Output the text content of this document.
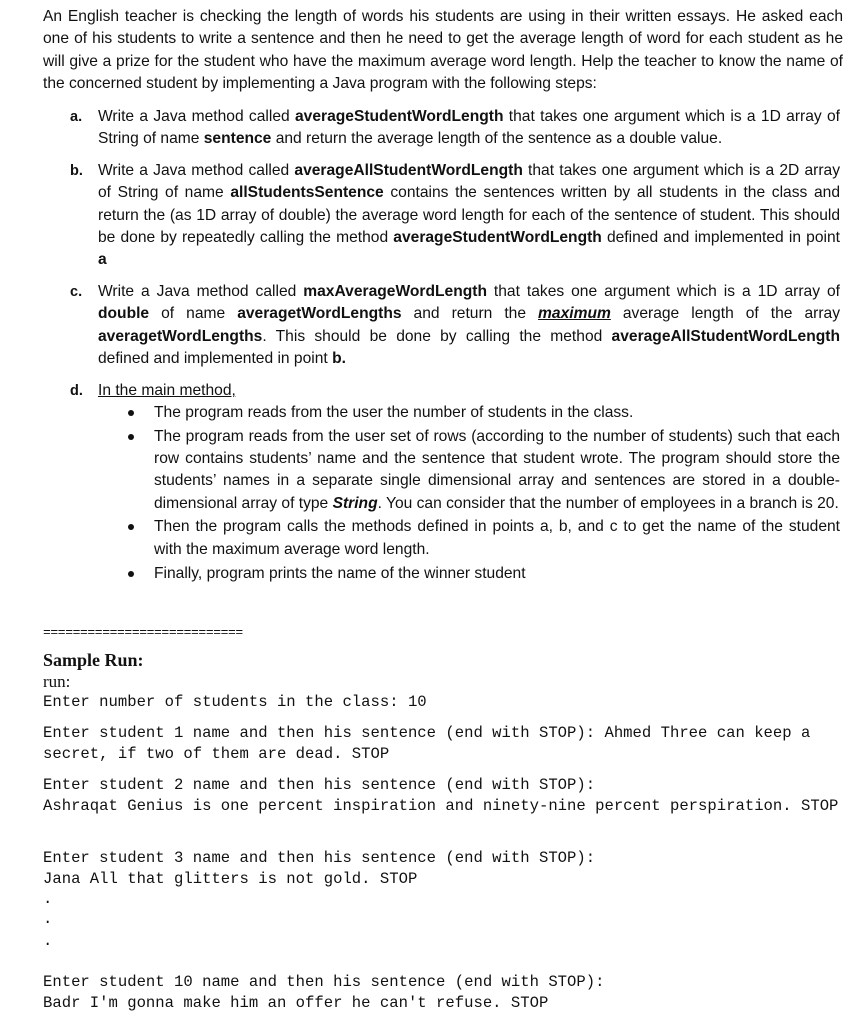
An English teacher is checking the length of words his students are using in their written essays. He asked each one of his students to write a sentence and then he need to get the average length of word for each student as he will give a prize for the student who have the maximum average word length. Help the teacher to know the name of the concerned student by implementing a Java program with the following steps:
a.	Write a Java method called averageStudentWordLength that takes one argument which is a 1D array of String of name sentence and return the average length of the sentence as a double value.
b. Write a Java method called averageAllStudentWordLength that takes one argument which is a 2D array of String of name allStudentsSentence contains the sentences written by all students in the class and return the (as 1D array of double) the average word length for each of the sentence of student. This should be done by repeatedly calling the method averageStudentWordLength defined and implemented in point a
c.	Write a Java method called maxAverageWordLength that takes one argument which is a 1D array of double of name averagetWordLengths and return the maximum average length of the array averagetWordLengths. This should be done by calling the method averageAllStudentWordLength defined and implemented in point b.
d. In the main method,
The program reads from the user the number of students in the class.
The program reads from the user set of rows (according to the number of students) such that each row contains students’ name and the sentence that student wrote. The program should store the students’ names in a separate single dimensional array and sentences are stored in a double-dimensional array of type String. You can consider that the number of employees in a branch is 20.
Then the program calls the methods defined in points a, b, and c to get the name of the student with the maximum average word length.
Finally, program prints the name of the winner student
===========================
Sample Run:
run:
Enter number of students in the class: 10
Enter student 1 name and then his sentence (end with STOP): Ahmed Three can keep a secret, if two of them are dead. STOP
Enter student 2 name and then his sentence (end with STOP):
Ashraqat Genius is one percent inspiration and ninety-nine percent perspiration. STOP
Enter student 3 name and then his sentence (end with STOP):
Jana All that glitters is not gold. STOP
.
.
.
Enter student 10 name and then his sentence (end with STOP):
Badr I'm gonna make him an offer he can't refuse. STOP
